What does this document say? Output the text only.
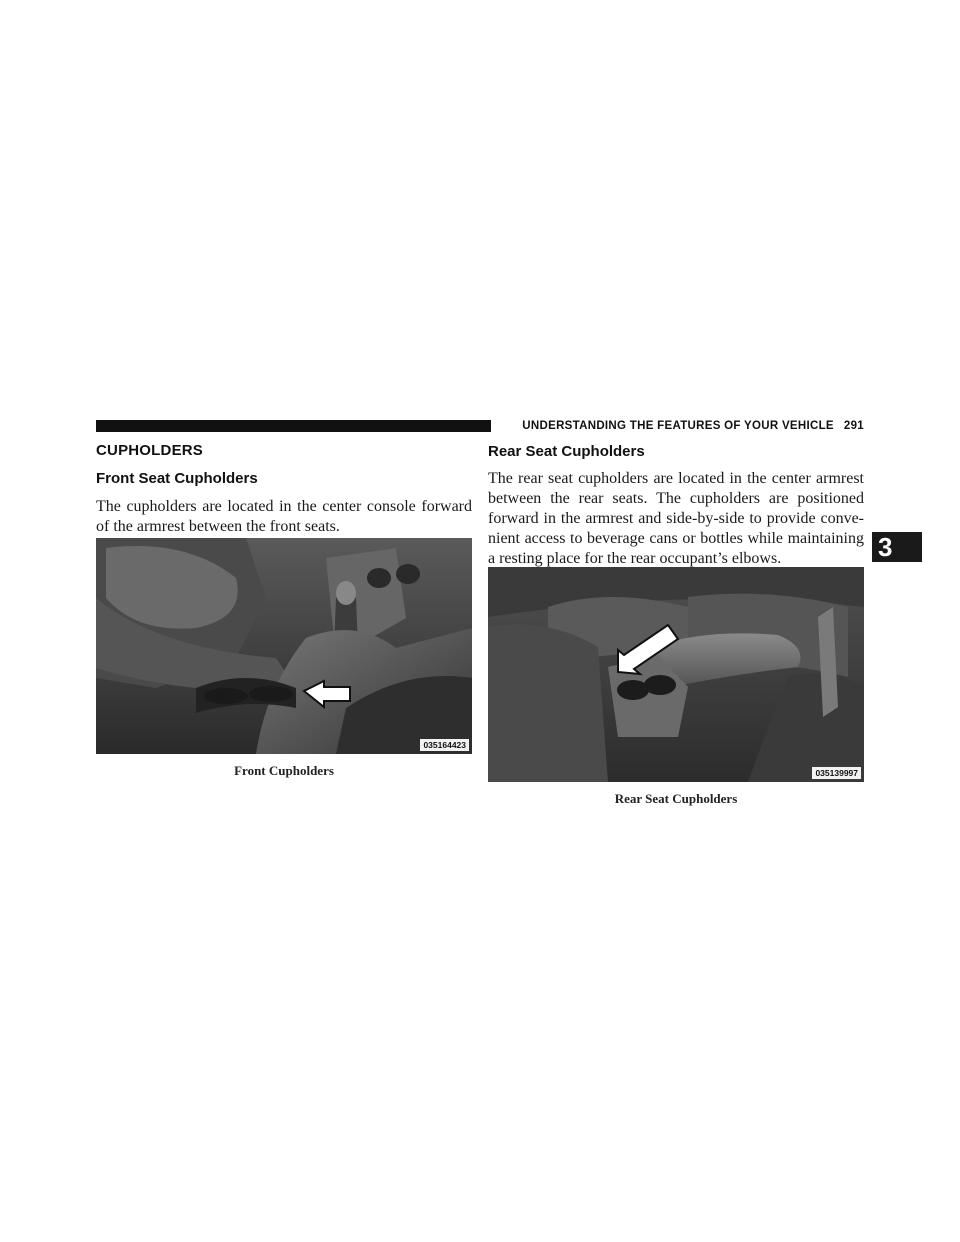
UNDERSTANDING THE FEATURES OF YOUR VEHICLE 291
3
CUPHOLDERS
Front Seat Cupholders

The cupholders are located in the center console forward of the armrest between the front seats.

035164423
Front Cupholders
Rear Seat Cupholders

The rear seat cupholders are located in the center armrest between the rear seats. The cupholders are positioned forward in the armrest and side-by-side to provide conve-nient access to beverage cans or bottles while maintaining a resting place for the rear occupant’s elbows.

035139997
Rear Seat Cupholders
